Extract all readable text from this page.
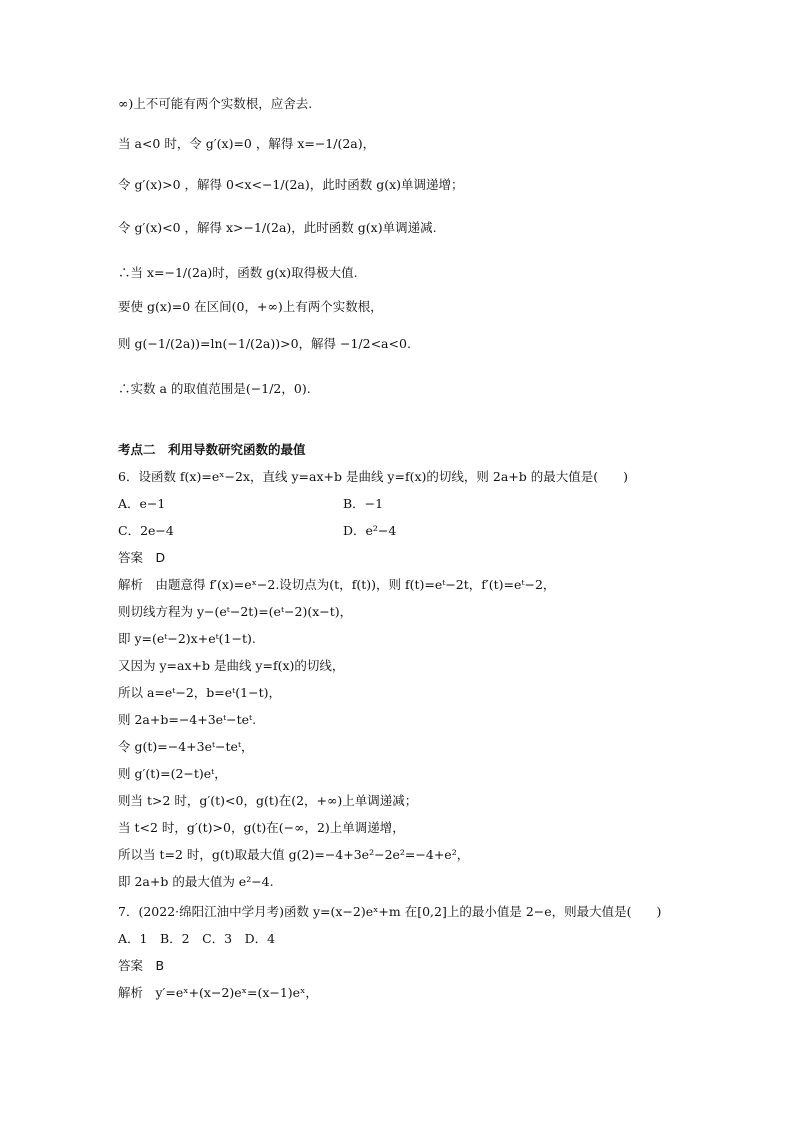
∞)上不可能有两个实数根，应舍去.
当 a<0 时，令 g′(x)=0 ，解得 x=−1/(2a)，
令 g′(x)>0 ，解得 0<x<−1/(2a)，此时函数 g(x)单调递增；
令 g′(x)<0 ，解得 x>−1/(2a)，此时函数 g(x)单调递减.
∴当 x=−1/(2a)时，函数 g(x)取得极大值.
要使 g(x)=0 在区间(0，+∞)上有两个实数根，
则 g(−1/(2a))=ln(−1/(2a))>0，解得 −1/2<a<0.
∴实数 a 的取值范围是(−1/2，0).
考点二　利用导数研究函数的最值
6．设函数 f(x)=eˣ−2x，直线 y=ax+b 是曲线 y=f(x)的切线，则 2a+b 的最大值是(　　)
A．e−1	B．−1
C．2e−4	D．e²−4
答案　D
解析　由题意得 f′(x)=eˣ−2.设切点为(t，f(t))，则 f(t)=eᵗ−2t，f′(t)=eᵗ−2，
则切线方程为 y−(eᵗ−2t)=(eᵗ−2)(x−t)，
即 y=(eᵗ−2)x+eᵗ(1−t).
又因为 y=ax+b 是曲线 y=f(x)的切线，
所以 a=eᵗ−2，b=eᵗ(1−t)，
则 2a+b=−4+3eᵗ−teᵗ.
令 g(t)=−4+3eᵗ−teᵗ，
则 g′(t)=(2−t)eᵗ，
则当 t>2 时，g′(t)<0，g(t)在(2，+∞)上单调递减；
当 t<2 时，g′(t)>0，g(t)在(−∞，2)上单调递增，
所以当 t=2 时，g(t)取最大值 g(2)=−4+3e²−2e²=−4+e²，
即 2a+b 的最大值为 e²−4.
7．(2022·绵阳江油中学月考)函数 y=(x−2)eˣ+m 在[0,2]上的最小值是 2−e，则最大值是(　　)
A．1　B．2　C．3　D．4
答案　B
解析　y′=eˣ+(x−2)eˣ=(x−1)eˣ，
